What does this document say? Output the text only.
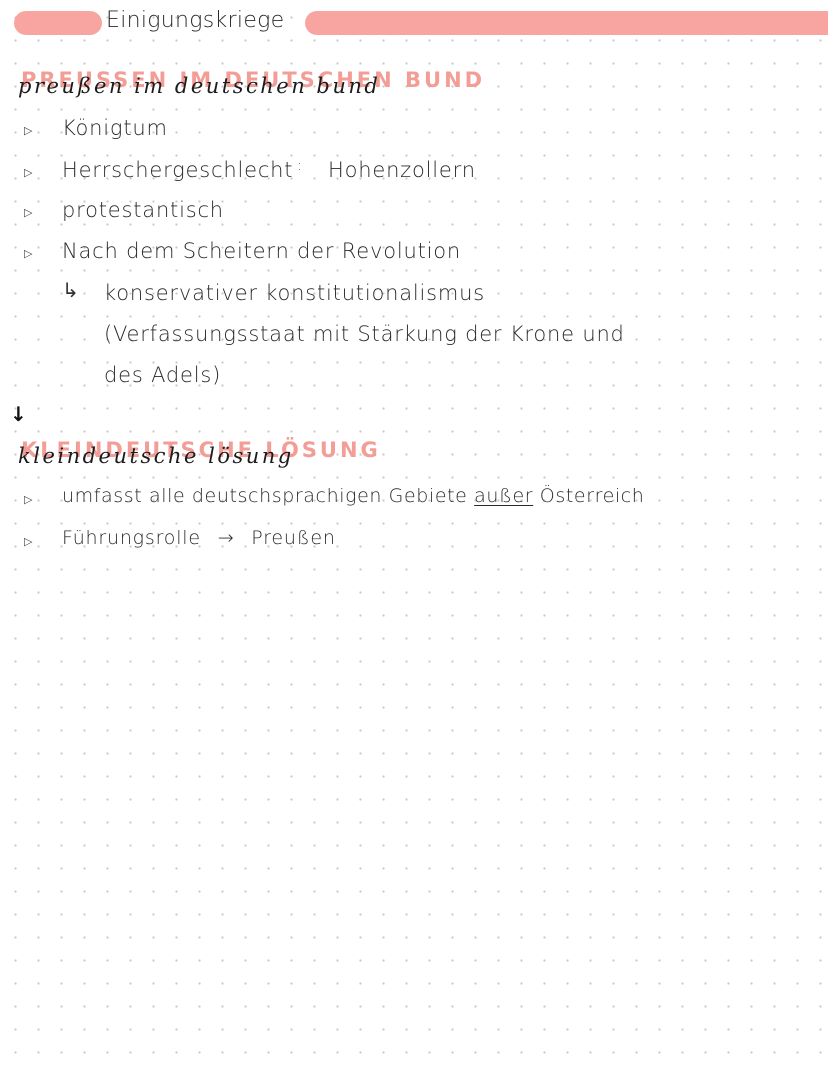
Einigungskriege
preussen im deutschen bund preußen im deutschen bund
▷ Königtum
▷ Herrschergeschlecht : Hohenzollern
▷ protestantisch
▷ Nach dem Scheitern der Revolution
↳ konservativer konstitutionalismus
(Verfassungsstaat mit Stärkung der Krone und
des Adels)
↓
kleindeutsche lösung kleindeutsche lösung
▷ umfasst alle deutschsprachigen Gebiete außer Österreich
▷ Führungsrolle → Preußen
